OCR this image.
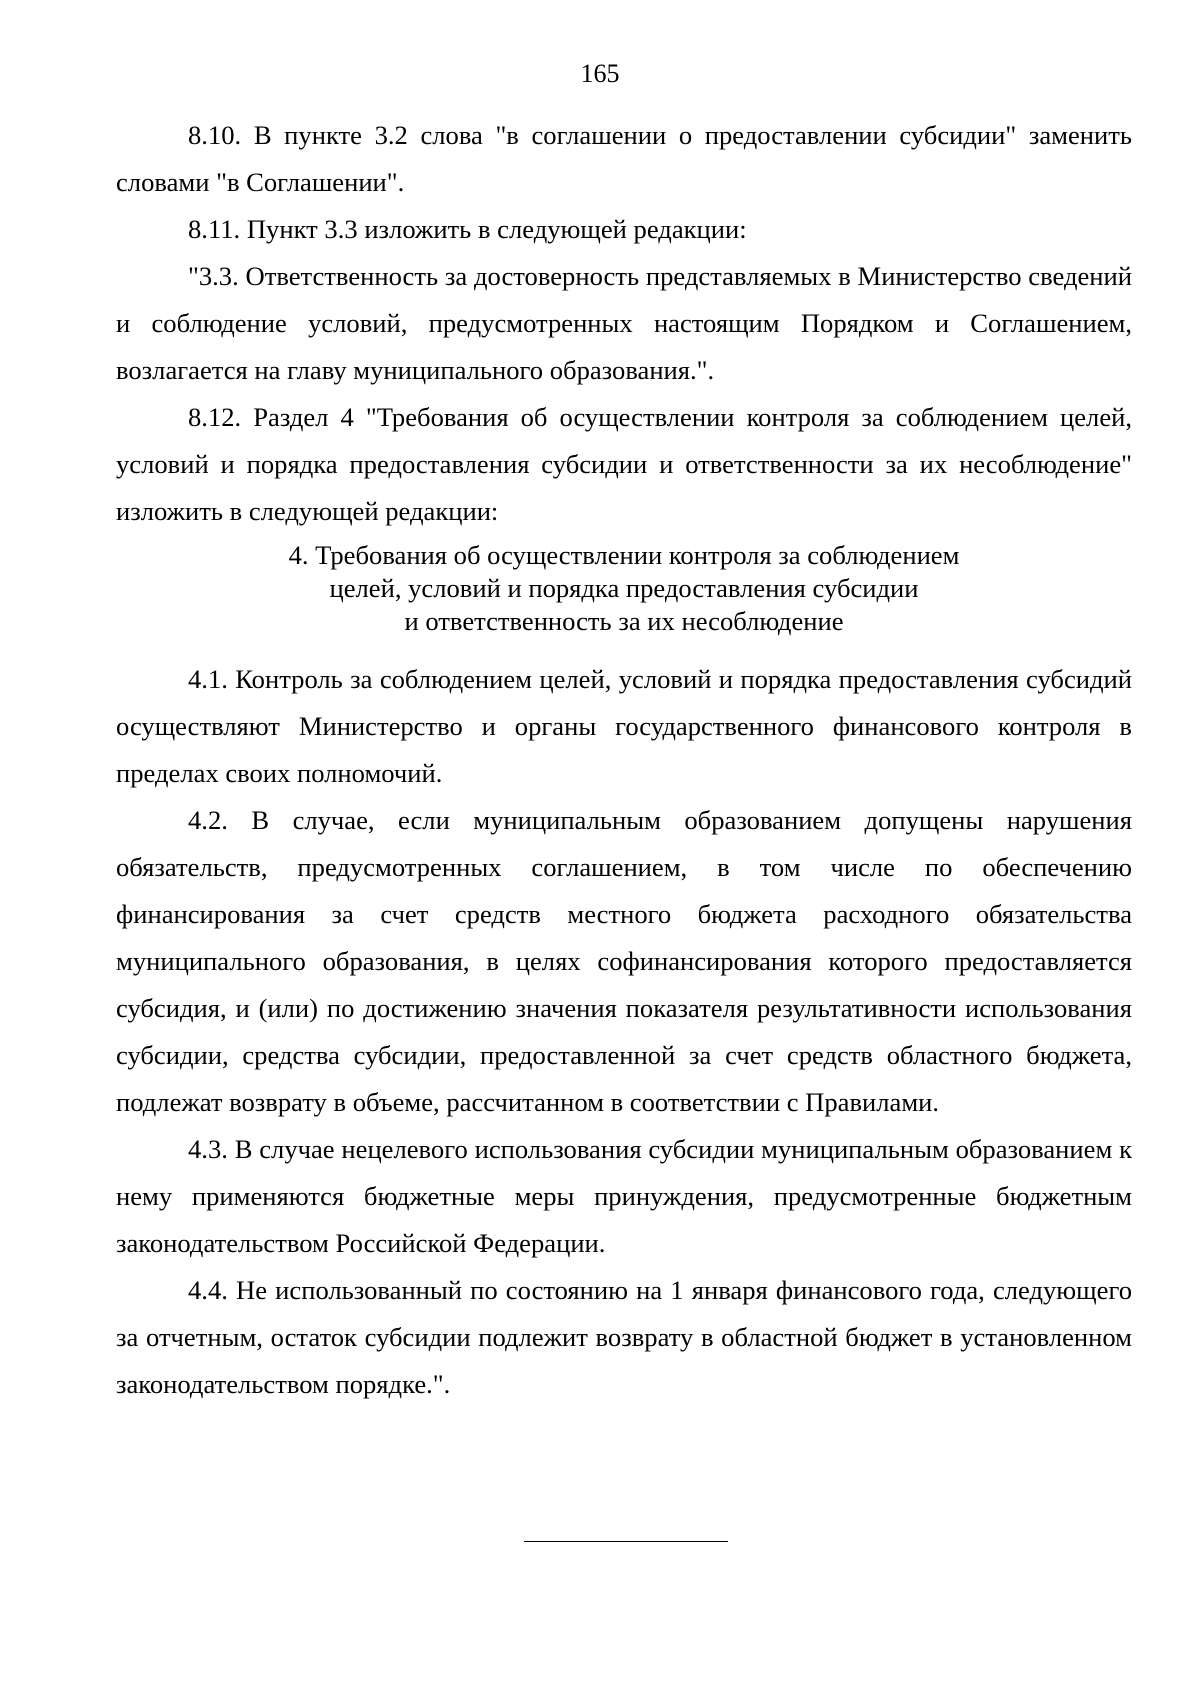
165

8.10. В пункте 3.2 слова "в соглашении о предоставлении субсидии" заменить словами "в Соглашении".

8.11. Пункт 3.3 изложить в следующей редакции:

"3.3. Ответственность за достоверность представляемых в Министерство сведений и соблюдение условий, предусмотренных настоящим Порядком и Соглашением, возлагается на главу муниципального образования.".

8.12. Раздел 4 "Требования об осуществлении контроля за соблюдением целей, условий и порядка предоставления субсидии и ответственности за их несоблюдение" изложить в следующей редакции:

4. Требования об осуществлении контроля за соблюдением
целей, условий и порядка предоставления субсидии
и ответственность за их несоблюдение

4.1. Контроль за соблюдением целей, условий и порядка предоставления субсидий осуществляют Министерство и органы государственного финансового контроля в пределах своих полномочий.

4.2. В случае, если муниципальным образованием допущены нарушения обязательств, предусмотренных соглашением, в том числе по обеспечению финансирования за счет средств местного бюджета расходного обязательства муниципального образования, в целях софинансирования которого предоставляется субсидия, и (или) по достижению значения показателя результативности использования субсидии, средства субсидии, предоставленной за счет средств областного бюджета, подлежат возврату в объеме, рассчитанном в соответствии с Правилами.

4.3. В случае нецелевого использования субсидии муниципальным образованием к нему применяются бюджетные меры принуждения, предусмотренные бюджетным законодательством Российской Федерации.

4.4. Не использованный по состоянию на 1 января финансового года, следующего за отчетным, остаток субсидии подлежит возврату в областной бюджет в установленном законодательством порядке.".
